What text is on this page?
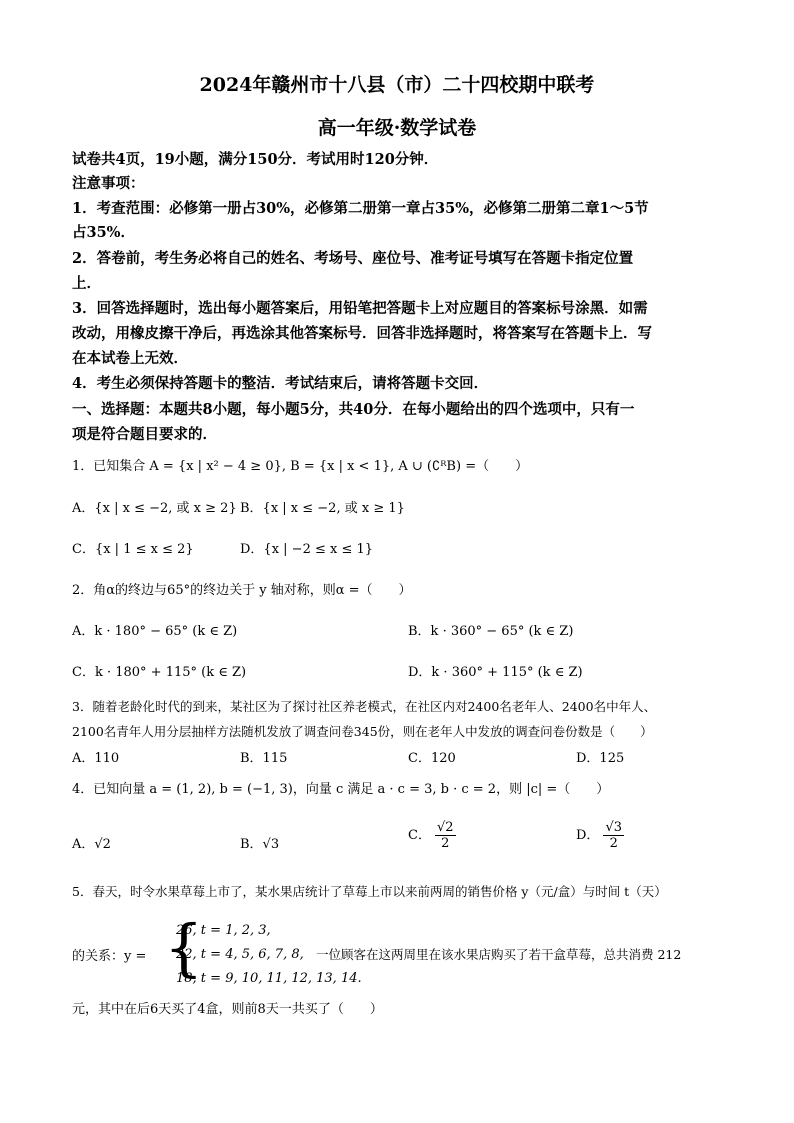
2024年赣州市十八县（市）二十四校期中联考
高一年级·数学试卷
试卷共4页，19小题，满分150分．考试用时120分钟．
注意事项：
1．考查范围：必修第一册占30%，必修第二册第一章占35%，必修第二册第二章1～5节
占35%．
2．答卷前，考生务必将自己的姓名、考场号、座位号、准考证号填写在答题卡指定位置
上．
3．回答选择题时，选出每小题答案后，用铅笔把答题卡上对应题目的答案标号涂黑．如需
改动，用橡皮擦干净后，再选涂其他答案标号．回答非选择题时，将答案写在答题卡上．写
在本试卷上无效．
4．考生必须保持答题卡的整洁．考试结束后，请将答题卡交回．
一、选择题：本题共8小题，每小题5分，共40分．在每小题给出的四个选项中，只有一
项是符合题目要求的．
1．已知集合 A = {x | x² − 4 ≥ 0}, B = {x | x < 1}, A ∪ (∁ᴿB) =（　　）
A．{x | x ≤ −2, 或 x ≥ 2} B．{x | x ≤ −2, 或 x ≥ 1}
C．{x | 1 ≤ x ≤ 2}	D．{x | −2 ≤ x ≤ 1}
2．角α的终边与65°的终边关于 y 轴对称，则α =（　　）
A．k · 180° − 65° (k ∈ Z)	B．k · 360° − 65° (k ∈ Z)
C．k · 180° + 115° (k ∈ Z)	D．k · 360° + 115° (k ∈ Z)
3．随着老龄化时代的到来，某社区为了探讨社区养老模式，在社区内对2400名老年人、2400名中年人、
2100名青年人用分层抽样方法随机发放了调查问卷345份，则在老年人中发放的调查问卷份数是（　　）
A．110	B．115	C．120	D．125
4．已知向量 a = (1, 2), b = (−1, 3)，向量 c 满足 a · c = 3, b · c = 2，则 |c| =（　　）
A．√2	B．√3
C． $\frac{√2}{2}$	D． $\frac{√3}{2}$
5．春天，时令水果草莓上市了，某水果店统计了草莓上市以来前两周的销售价格 y（元/盒）与时间 t（天）
的关系：y = {
26, t = 1, 2, 3,
22, t = 4, 5, 6, 7, 8,
18, t = 9, 10, 11, 12, 13, 14.
一位顾客在这两周里在该水果店购买了若干盒草莓，总共消费 212
元，其中在后6天买了4盒，则前8天一共买了（　　）
